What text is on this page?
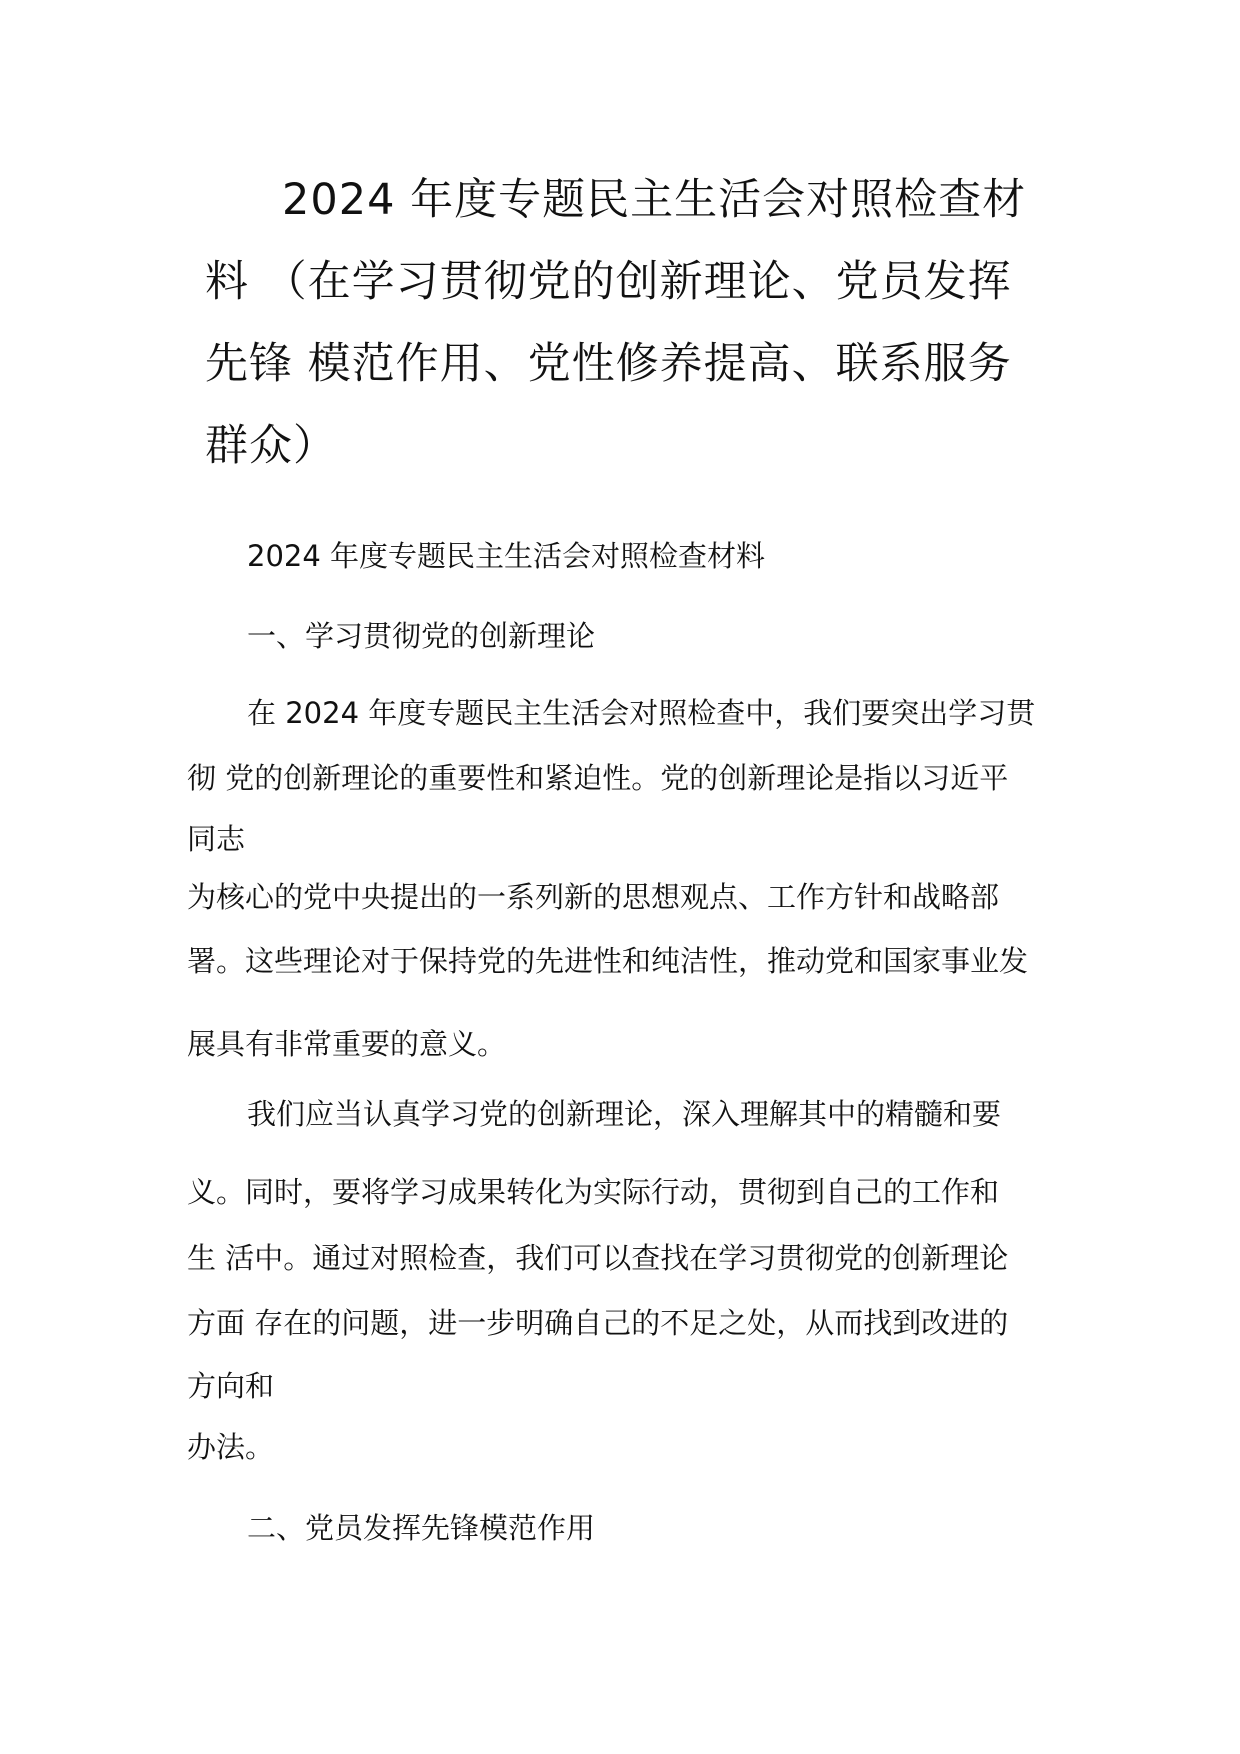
2024 年度专题民主生活会对照检查材
料 （在学习贯彻党的创新理论、党员发挥
先锋 模范作用、党性修养提高、联系服务
群众）
2024 年度专题民主生活会对照检查材料
一、学习贯彻党的创新理论
在 2024 年度专题民主生活会对照检查中，我们要突出学习贯
彻 党的创新理论的重要性和紧迫性。党的创新理论是指以习近平
同志
为核心的党中央提出的一系列新的思想观点、工作方针和战略部
署。这些理论对于保持党的先进性和纯洁性，推动党和国家事业发
展具有非常重要的意义。
我们应当认真学习党的创新理论，深入理解其中的精髓和要
义。同时，要将学习成果转化为实际行动，贯彻到自己的工作和
生 活中。通过对照检查，我们可以查找在学习贯彻党的创新理论
方面 存在的问题，进一步明确自己的不足之处，从而找到改进的
方向和
办法。
二、党员发挥先锋模范作用
